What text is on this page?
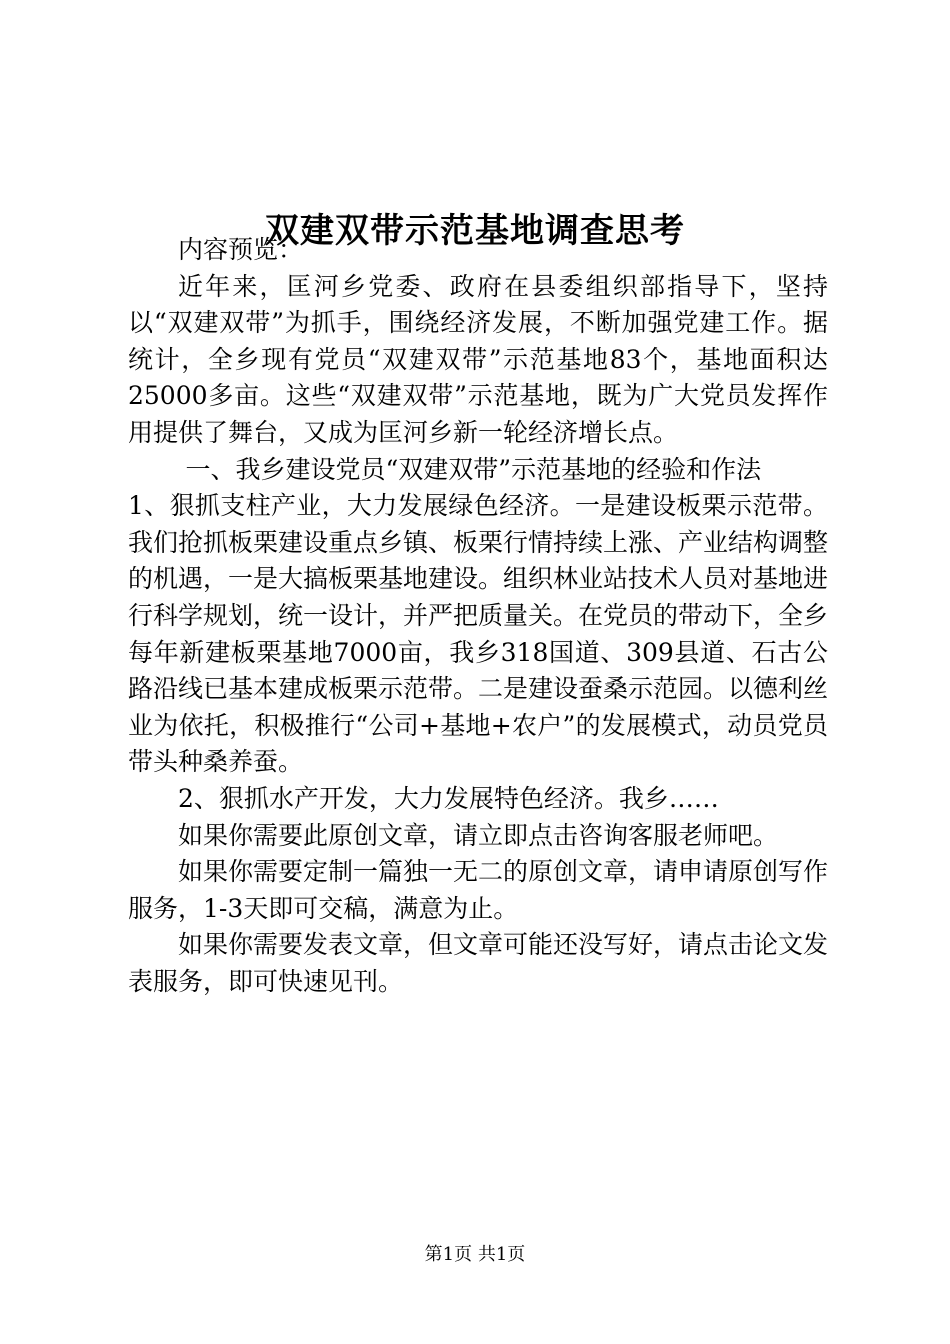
双建双带示范基地调查思考

内容预览：

近年来，匡河乡党委、政府在县委组织部指导下，坚持以“双建双带”为抓手，围绕经济发展，不断加强党建工作。据统计，全乡现有党员“双建双带”示范基地83个，基地面积达25000多亩。这些“双建双带”示范基地，既为广大党员发挥作用提供了舞台，又成为匡河乡新一轮经济增长点。

一、我乡建设党员“双建双带”示范基地的经验和作法

1、狠抓支柱产业，大力发展绿色经济。一是建设板栗示范带。我们抢抓板栗建设重点乡镇、板栗行情持续上涨、产业结构调整的机遇，一是大搞板栗基地建设。组织林业站技术人员对基地进行科学规划，统一设计，并严把质量关。在党员的带动下，全乡每年新建板栗基地7000亩，我乡318国道、309县道、石古公路沿线已基本建成板栗示范带。二是建设蚕桑示范园。以德利丝业为依托，积极推行“公司+基地+农户”的发展模式，动员党员带头种桑养蚕。

2、狠抓水产开发，大力发展特色经济。我乡……

如果你需要此原创文章，请立即点击咨询客服老师吧。

如果你需要定制一篇独一无二的原创文章，请申请原创写作服务，1-3天即可交稿，满意为止。

如果你需要发表文章，但文章可能还没写好，请点击论文发表服务，即可快速见刊。

第1页 共1页
